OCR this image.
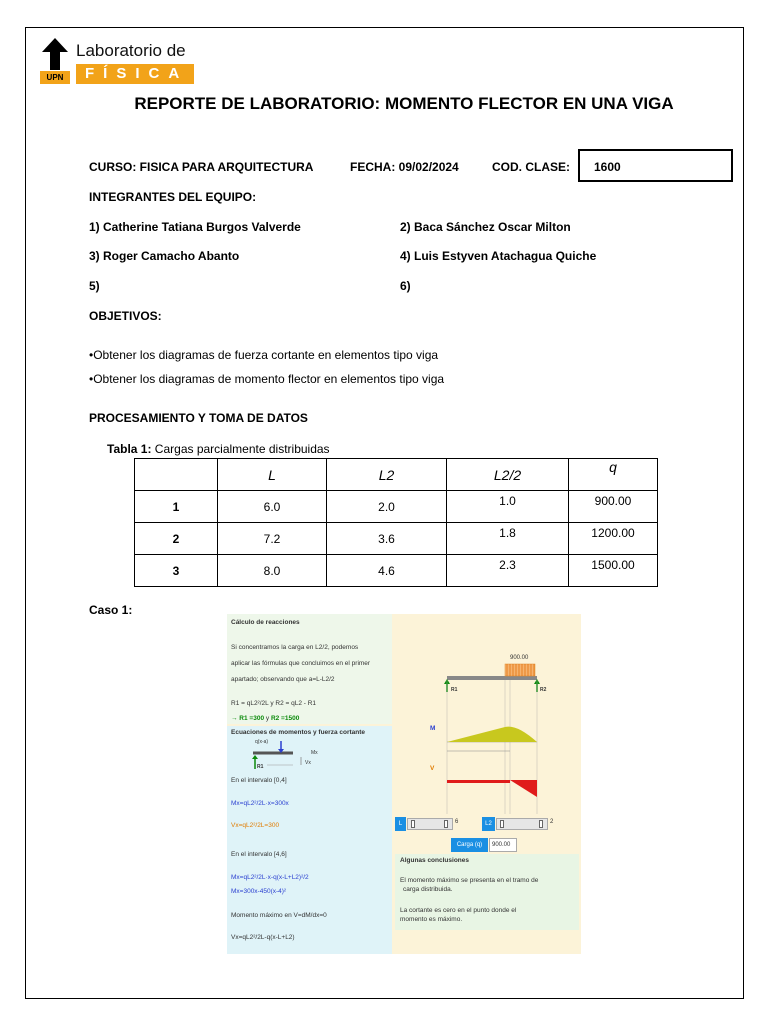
UPN
Laboratorio de
FÍSICA
REPORTE DE LABORATORIO: MOMENTO FLECTOR EN UNA VIGA
CURSO: FISICA PARA ARQUITECTURA	FECHA: 09/02/2024	COD. CLASE:	1600
INTEGRANTES DEL EQUIPO:
1) Catherine Tatiana Burgos Valverde	2) Baca Sánchez Oscar Milton
3) Roger Camacho Abanto	4) Luis Estyven Atachagua Quiche
5)	6)
OBJETIVOS:
•Obtener los diagramas de fuerza cortante en elementos tipo viga
•Obtener los diagramas de momento flector en elementos tipo viga
PROCESAMIENTO Y TOMA DE DATOS
Tabla 1: Cargas parcialmente distribuidas
	L	L2	L2/2	q
1	6.0	2.0	1.0	900.00
2	7.2	3.6	1.8	1200.00
3	8.0	4.6	2.3	1500.00
Caso 1:
Cálculo de reacciones
Si concentramos la carga en L2/2, podemos
aplicar las fórmulas que concluimos en el primer
apartado; observando que a=L-L2/2
R1 = qL2²/2L y R2 = qL2 - R1
→ R1 =300 y R2 =1500
Ecuaciones de momentos y fuerza cortante
q(x-a)
R1
Vx
Mx
En el intervalo [0,4]
Mx=qL2²/2L·x=300x
Vx=qL2²/2L=300
En el intervalo [4,6]
Mx=qL2²/2L·x-q(x-L+L2)²/2
Mx=300x-450(x-4)²
Momento máximo en V=dM/dx=0
Vx=qL2²/2L-q(x-L+L2)
900.00
R1	R2
M
V
L	6	L2	2
Carga (q)	900.00
Algunas conclusiones
El momento máximo se presenta en el tramo de
carga distribuida.
La cortante es cero en el punto donde el
momento es máximo.
